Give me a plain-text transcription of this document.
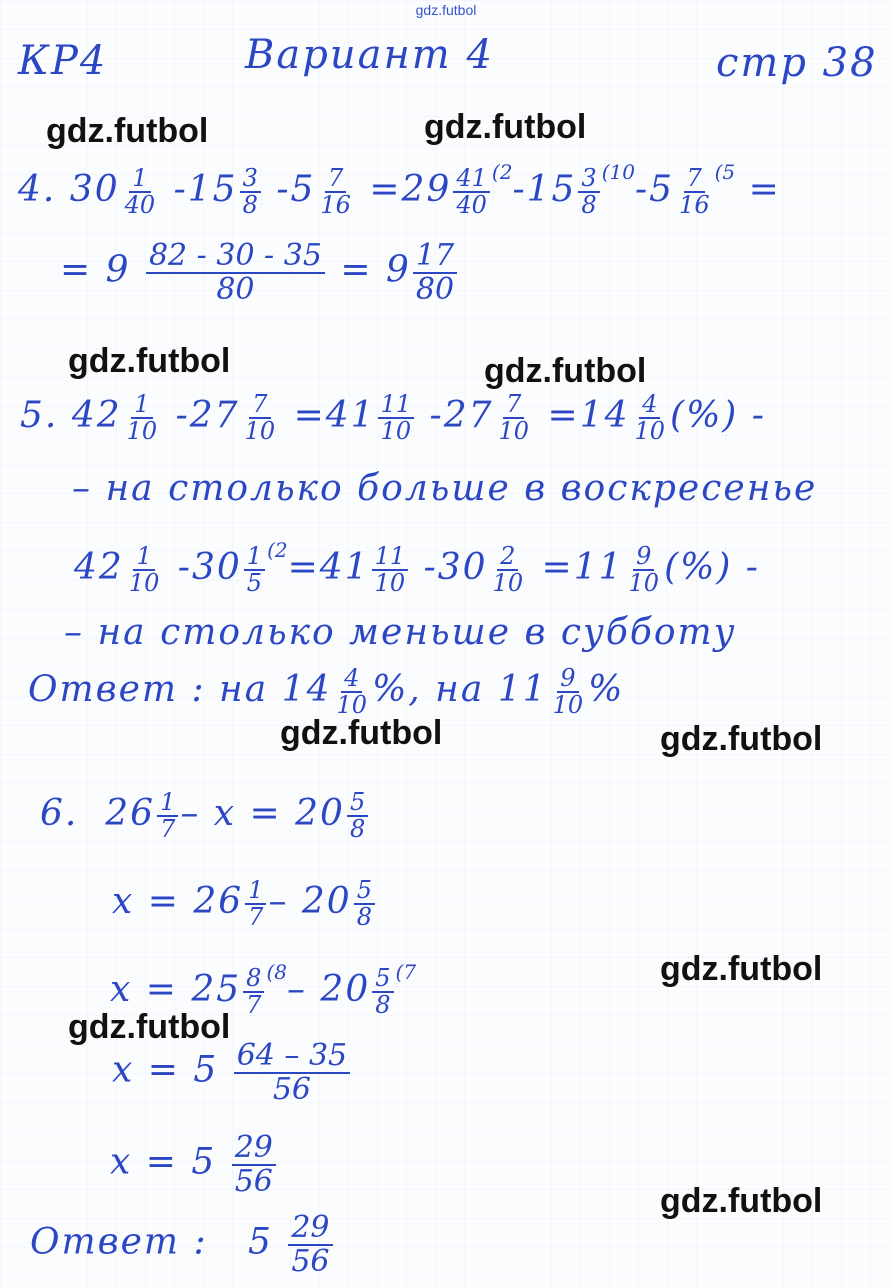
gdz.futbol
КР4	Вариант 4	стр 38
4. $30 \frac{1}{40} -15 \frac{3}{8} -5 \frac{7}{16} =29 \frac{41}{40} ^{(2}-15 \frac{3}{8} ^{(10}-5 \frac{7}{16} ^{(5}$ =
= $9 \frac{82 - 30 - 35}{80} = 9 \frac{17}{80}$
5. $42 \frac{1}{10} -27 \frac{7}{10} =41 \frac{11}{10} -27 \frac{7}{10} =14 \frac{4}{10}$ (%) -
– на столько больше в воскресенье
$42 \frac{1}{10} -30 \frac{1}{5} ^{(2}=41 \frac{11}{10} -30 \frac{2}{10} =11 \frac{9}{10}$ (%) -
– на столько меньше в субботу
Ответ : на $14 \frac{4}{10}$ %, на $11 \frac{9}{10}$ %
6. $26 \frac{1}{7} - x = 20 \frac{5}{8}$
$x = 26 \frac{1}{7} - 20 \frac{5}{8}$
$x = 25 \frac{8}{7} ^{(8}-$ $20 \frac{5}{8} ^{(7}$
$x = 5 \frac{64 - 35}{56}$
$x = 5 \frac{29}{56}$
Ответ : $5 \frac{29}{56}$
gdz.futbol	gdz.futbol
gdz.futbol	gdz.futbol
gdz.futbol	gdz.futbol
gdz.futbol
gdz.futbol
gdz.futbol
